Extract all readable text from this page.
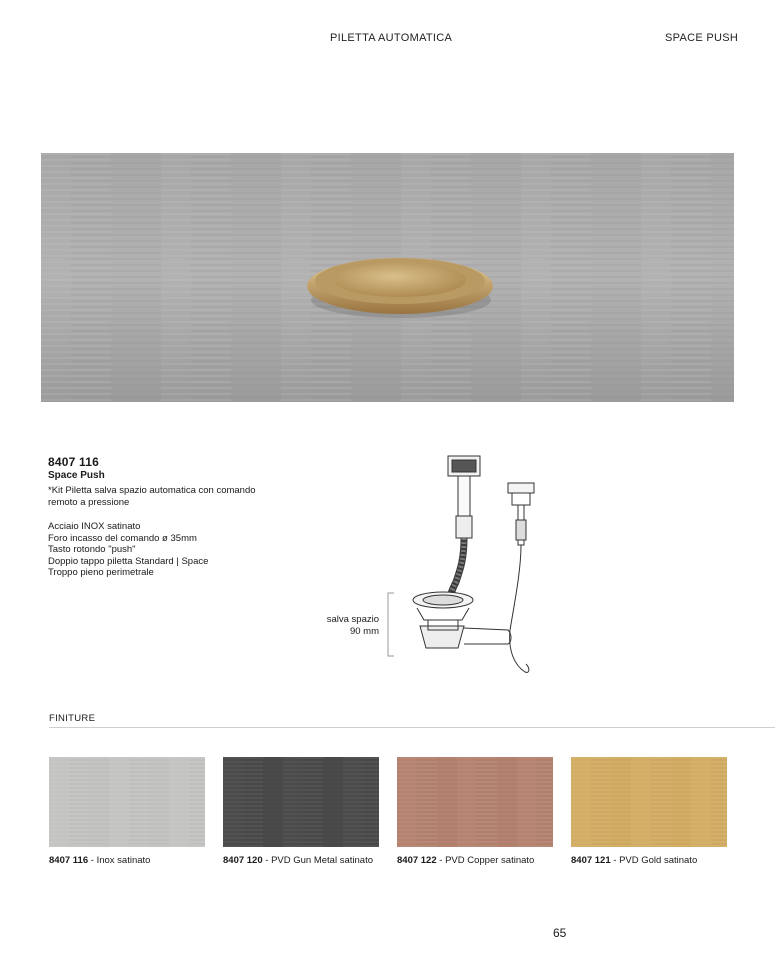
PILETTA AUTOMATICA	SPACE PUSH
8407 116
Space Push
*Kit Piletta salva spazio automatica con comando remoto a pressione
Acciaio INOX satinato
Foro incasso del comando ø 35mm
Tasto rotondo "push"
Doppio tappo piletta Standard | Space
Troppo pieno perimetrale
salva spazio
90 mm
FINITURE
8407 116 - Inox satinato	8407 120 - PVD Gun Metal satinato	8407 122 - PVD Copper satinato	8407 121 - PVD Gold satinato
65
